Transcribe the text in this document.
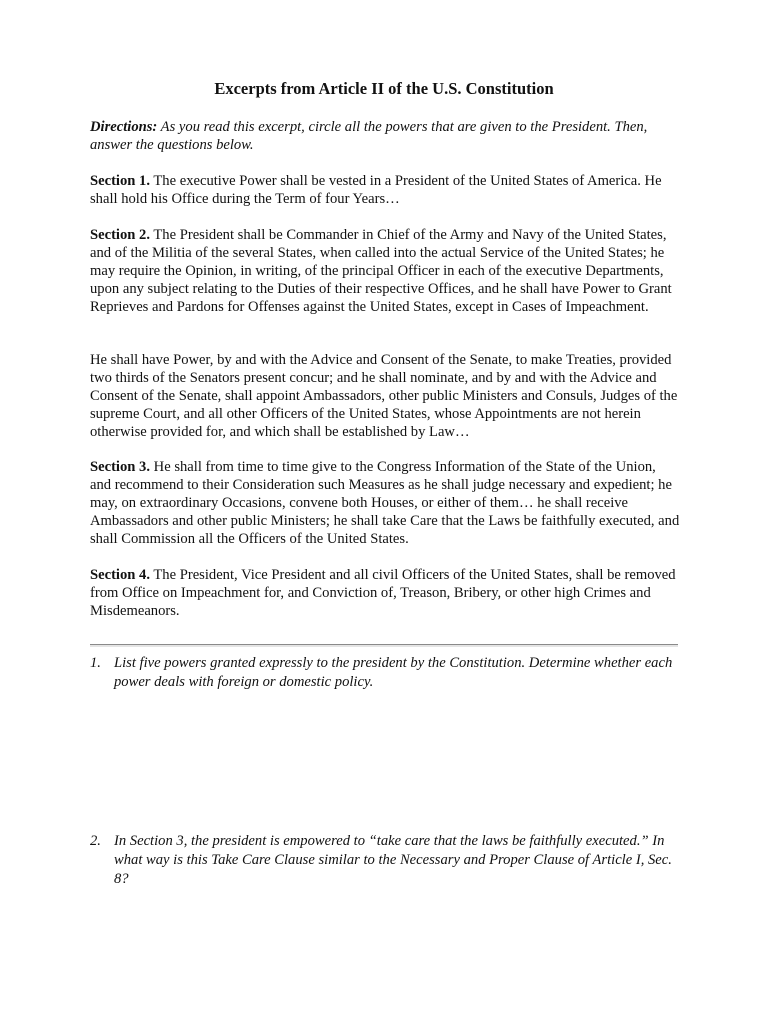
Excerpts from Article II of the U.S. Constitution
Directions: As you read this excerpt, circle all the powers that are given to the President. Then, answer the questions below.
Section 1. The executive Power shall be vested in a President of the United States of America. He shall hold his Office during the Term of four Years…
Section 2. The President shall be Commander in Chief of the Army and Navy of the United States, and of the Militia of the several States, when called into the actual Service of the United States; he may require the Opinion, in writing, of the principal Officer in each of the executive Departments, upon any subject relating to the Duties of their respective Offices, and he shall have Power to Grant Reprieves and Pardons for Offenses against the United States, except in Cases of Impeachment.
He shall have Power, by and with the Advice and Consent of the Senate, to make Treaties, provided two thirds of the Senators present concur; and he shall nominate, and by and with the Advice and Consent of the Senate, shall appoint Ambassadors, other public Ministers and Consuls, Judges of the supreme Court, and all other Officers of the United States, whose Appointments are not herein otherwise provided for, and which shall be established by Law…
Section 3. He shall from time to time give to the Congress Information of the State of the Union, and recommend to their Consideration such Measures as he shall judge necessary and expedient; he may, on extraordinary Occasions, convene both Houses, or either of them… he shall receive Ambassadors and other public Ministers; he shall take Care that the Laws be faithfully executed, and shall Commission all the Officers of the United States.
Section 4. The President, Vice President and all civil Officers of the United States, shall be removed from Office on Impeachment for, and Conviction of, Treason, Bribery, or other high Crimes and Misdemeanors.
1. List five powers granted expressly to the president by the Constitution. Determine whether each power deals with foreign or domestic policy.
2. In Section 3, the president is empowered to “take care that the laws be faithfully executed.” In what way is this Take Care Clause similar to the Necessary and Proper Clause of Article I, Sec. 8?
